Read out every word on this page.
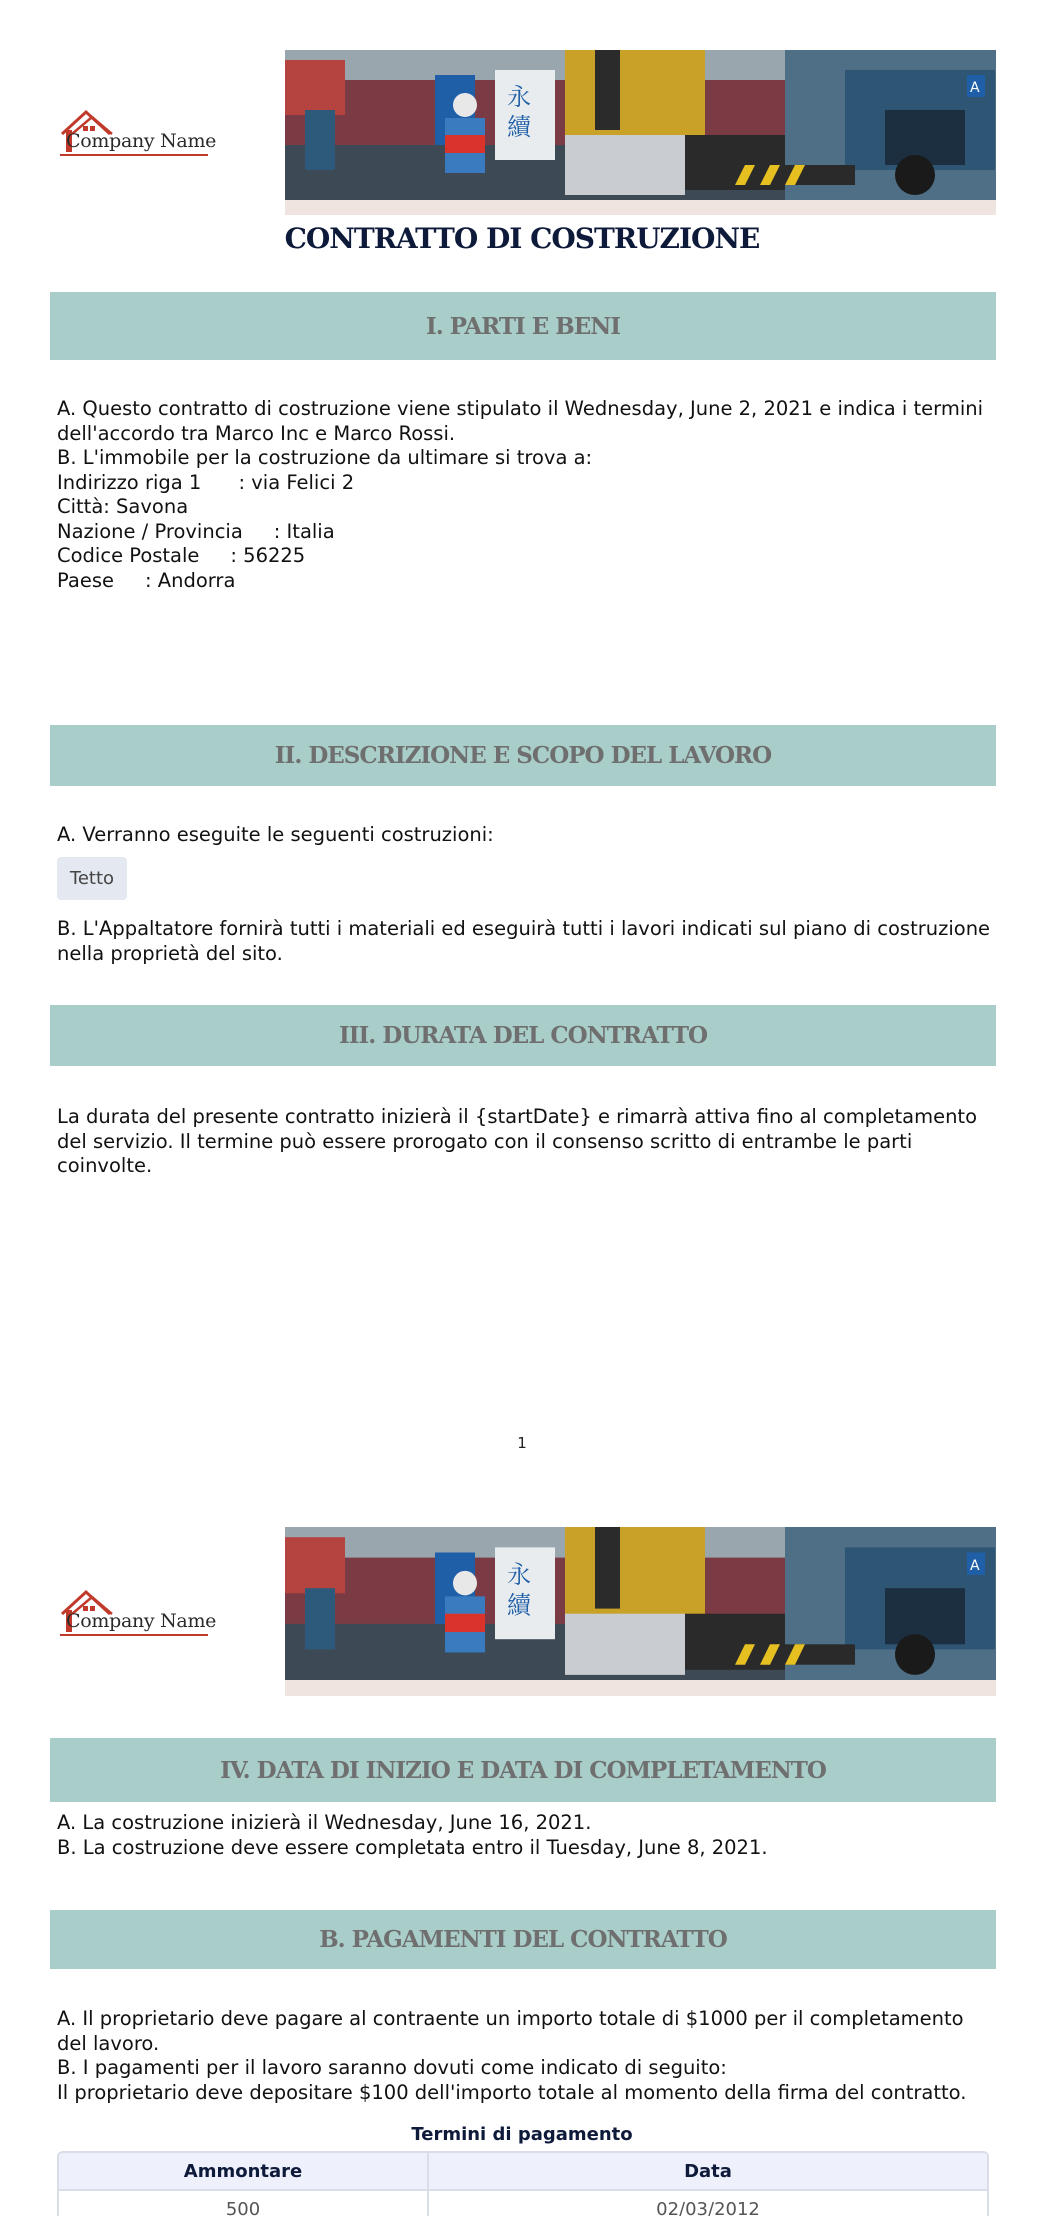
Company Name
永
續
A
CONTRATTO DI COSTRUZIONE
I. PARTI E BENI
A. Questo contratto di costruzione viene stipulato il Wednesday, June 2, 2021 e indica i termini dell'accordo tra Marco Inc e Marco Rossi.
B. L'immobile per la costruzione da ultimare si trova a:
Indirizzo riga 1      : via Felici 2
Città: Savona
Nazione / Provincia     : Italia
Codice Postale     : 56225
Paese     : Andorra
II. DESCRIZIONE E SCOPO DEL LAVORO
A. Verranno eseguite le seguenti costruzioni:
Tetto
B. L'Appaltatore fornirà tutti i materiali ed eseguirà tutti i lavori indicati sul piano di costruzione nella proprietà del sito.
III. DURATA DEL CONTRATTO
La durata del presente contratto inizierà il {startDate} e rimarrà attiva fino al completamento del servizio. Il termine può essere prorogato con il consenso scritto di entrambe le parti coinvolte.
1
Company Name
永
續
A
IV. DATA DI INIZIO E DATA DI COMPLETAMENTO
A. La costruzione inizierà il Wednesday, June 16, 2021.
B. La costruzione deve essere completata entro il Tuesday, June 8, 2021.
B. PAGAMENTI DEL CONTRATTO
A. Il proprietario deve pagare al contraente un importo totale di $1000 per il completamento del lavoro.
B. I pagamenti per il lavoro saranno dovuti come indicato di seguito:
Il proprietario deve depositare $100 dell'importo totale al momento della firma del contratto.
Termini di pagamento
Ammontare	Data
500	02/03/2012
